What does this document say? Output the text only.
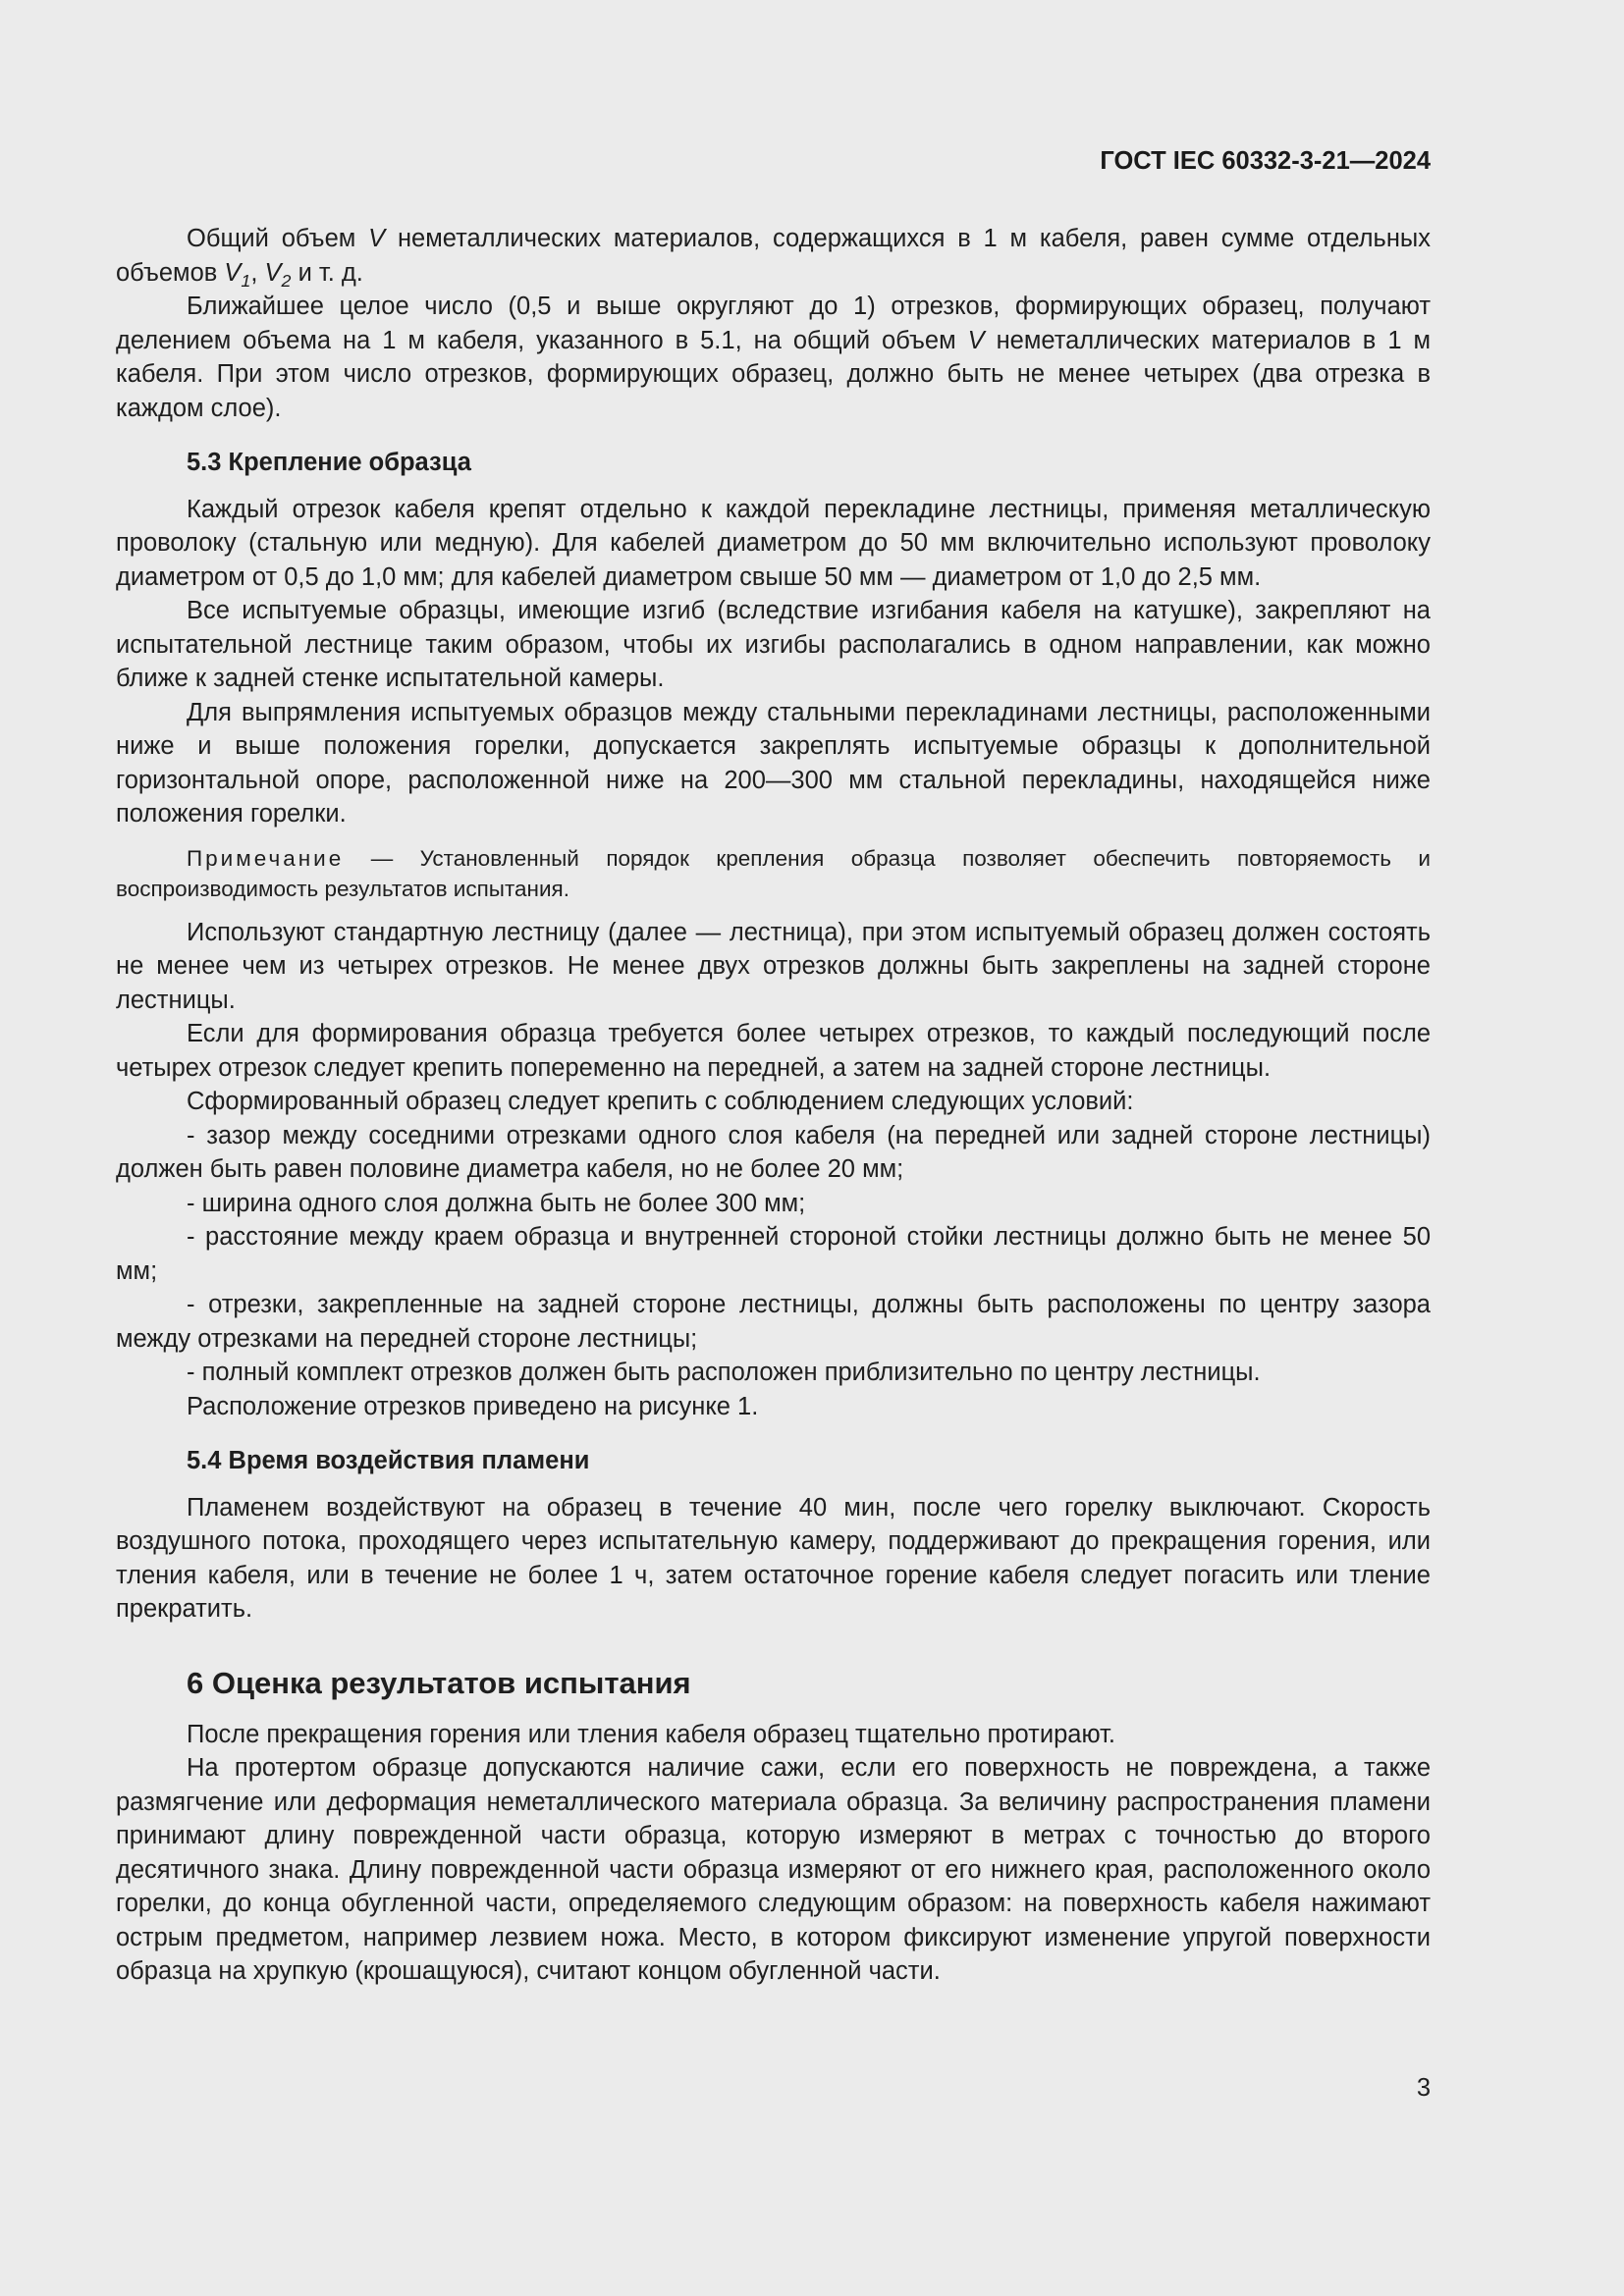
ГОСТ IEC 60332-3-21—2024

Общий объем V неметаллических материалов, содержащихся в 1 м кабеля, равен сумме отдельных объемов $V_1$, $V_2$ и т. д.

Ближайшее целое число (0,5 и выше округляют до 1) отрезков, формирующих образец, получают делением объема на 1 м кабеля, указанного в 5.1, на общий объем V неметаллических материалов в 1 м кабеля. При этом число отрезков, формирующих образец, должно быть не менее четырех (два отрезка в каждом слое).

5.3 Крепление образца

Каждый отрезок кабеля крепят отдельно к каждой перекладине лестницы, применяя металлическую проволоку (стальную или медную). Для кабелей диаметром до 50 мм включительно используют проволоку диаметром от 0,5 до 1,0 мм; для кабелей диаметром свыше 50 мм — диаметром от 1,0 до 2,5 мм.

Все испытуемые образцы, имеющие изгиб (вследствие изгибания кабеля на катушке), закрепляют на испытательной лестнице таким образом, чтобы их изгибы располагались в одном направлении, как можно ближе к задней стенке испытательной камеры.

Для выпрямления испытуемых образцов между стальными перекладинами лестницы, расположенными ниже и выше положения горелки, допускается закреплять испытуемые образцы к дополнительной горизонтальной опоре, расположенной ниже на 200—300 мм стальной перекладины, находящейся ниже положения горелки.

Примечание — Установленный порядок крепления образца позволяет обеспечить повторяемость и воспроизводимость результатов испытания.

Используют стандартную лестницу (далее — лестница), при этом испытуемый образец должен состоять не менее чем из четырех отрезков. Не менее двух отрезков должны быть закреплены на задней стороне лестницы.

Если для формирования образца требуется более четырех отрезков, то каждый последующий после четырех отрезок следует крепить попеременно на передней, а затем на задней стороне лестницы.

Сформированный образец следует крепить с соблюдением следующих условий:

- зазор между соседними отрезками одного слоя кабеля (на передней или задней стороне лестницы) должен быть равен половине диаметра кабеля, но не более 20 мм;

- ширина одного слоя должна быть не более 300 мм;

- расстояние между краем образца и внутренней стороной стойки лестницы должно быть не менее 50 мм;

- отрезки, закрепленные на задней стороне лестницы, должны быть расположены по центру зазора между отрезками на передней стороне лестницы;

- полный комплект отрезков должен быть расположен приблизительно по центру лестницы.

Расположение отрезков приведено на рисунке 1.

5.4 Время воздействия пламени

Пламенем воздействуют на образец в течение 40 мин, после чего горелку выключают. Скорость воздушного потока, проходящего через испытательную камеру, поддерживают до прекращения горения, или тления кабеля, или в течение не более 1 ч, затем остаточное горение кабеля следует погасить или тление прекратить.

6 Оценка результатов испытания

После прекращения горения или тления кабеля образец тщательно протирают.

На протертом образце допускаются наличие сажи, если его поверхность не повреждена, а также размягчение или деформация неметаллического материала образца. За величину распространения пламени принимают длину поврежденной части образца, которую измеряют в метрах с точностью до второго десятичного знака. Длину поврежденной части образца измеряют от его нижнего края, расположенного около горелки, до конца обугленной части, определяемого следующим образом: на поверхность кабеля нажимают острым предметом, например лезвием ножа. Место, в котором фиксируют изменение упругой поверхности образца на хрупкую (крошащуюся), считают концом обугленной части.

3
